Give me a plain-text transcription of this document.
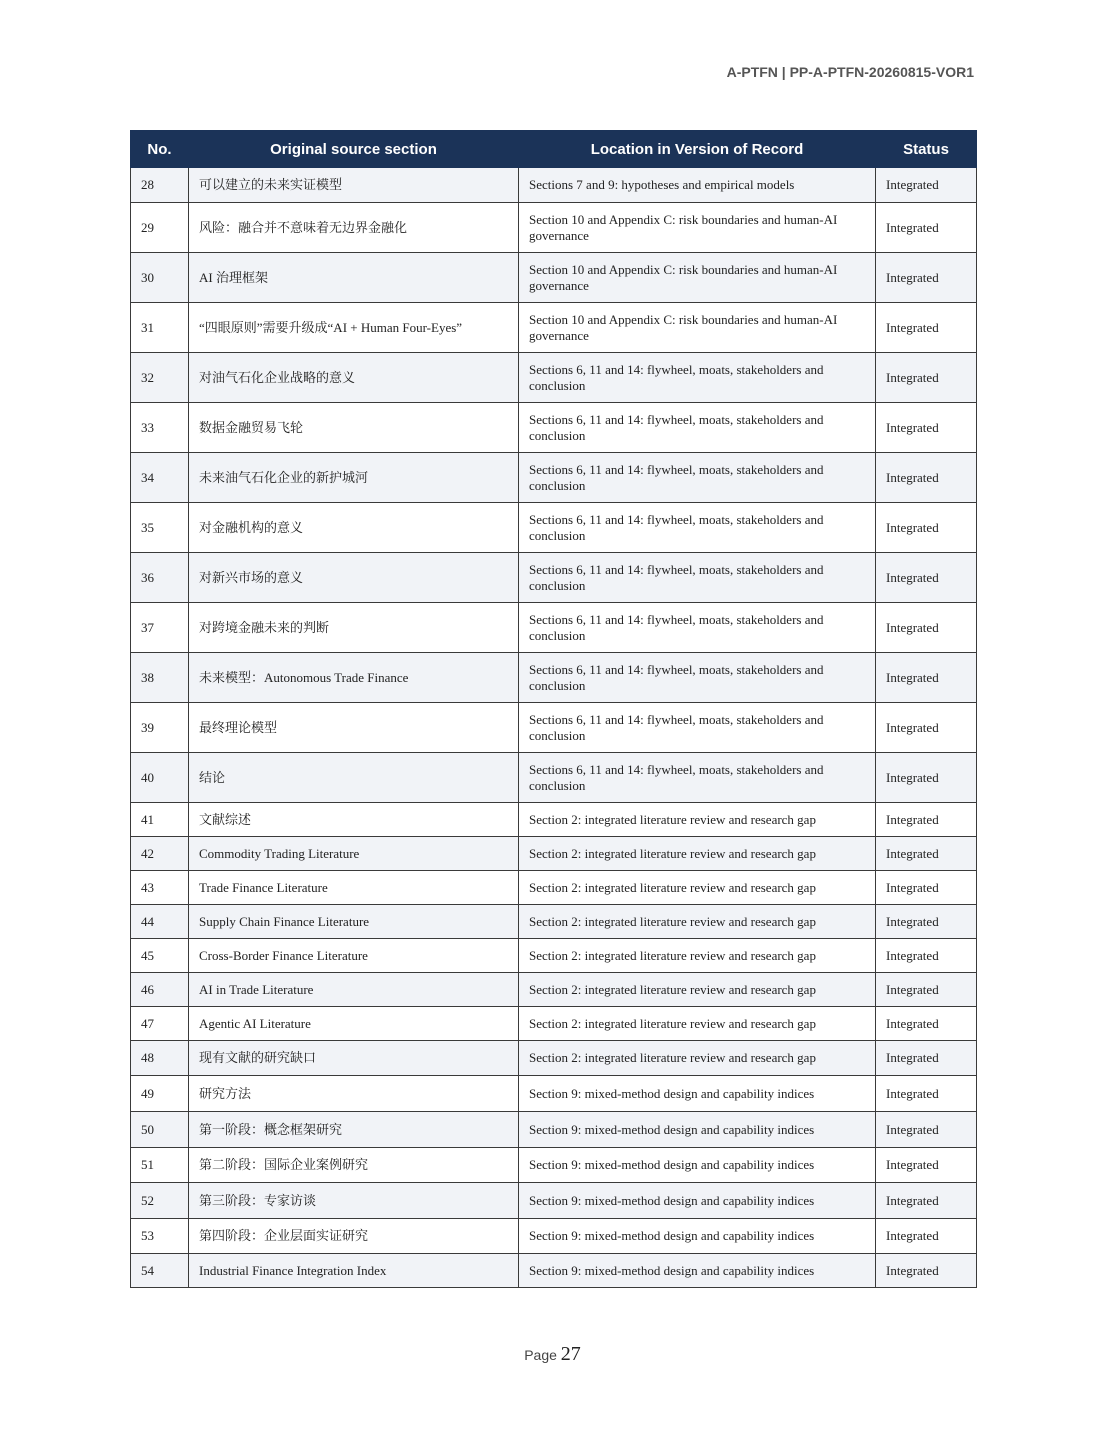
A-PTFN | PP-A-PTFN-20260815-VOR1
No.	Original source section	Location in Version of Record	Status
28	可以建立的未来实证模型	Sections 7 and 9: hypotheses and empirical models	Integrated
29	风险：融合并不意味着无边界金融化	Section 10 and Appendix C: risk boundaries and human-AI governance	Integrated
30	AI 治理框架	Section 10 and Appendix C: risk boundaries and human-AI governance	Integrated
31	“四眼原则”需要升级成“AI + Human Four-Eyes”	Section 10 and Appendix C: risk boundaries and human-AI governance	Integrated
32	对油气石化企业战略的意义	Sections 6, 11 and 14: flywheel, moats, stakeholders and conclusion	Integrated
33	数据金融贸易飞轮	Sections 6, 11 and 14: flywheel, moats, stakeholders and conclusion	Integrated
34	未来油气石化企业的新护城河	Sections 6, 11 and 14: flywheel, moats, stakeholders and conclusion	Integrated
35	对金融机构的意义	Sections 6, 11 and 14: flywheel, moats, stakeholders and conclusion	Integrated
36	对新兴市场的意义	Sections 6, 11 and 14: flywheel, moats, stakeholders and conclusion	Integrated
37	对跨境金融未来的判断	Sections 6, 11 and 14: flywheel, moats, stakeholders and conclusion	Integrated
38	未来模型：Autonomous Trade Finance	Sections 6, 11 and 14: flywheel, moats, stakeholders and conclusion	Integrated
39	最终理论模型	Sections 6, 11 and 14: flywheel, moats, stakeholders and conclusion	Integrated
40	结论	Sections 6, 11 and 14: flywheel, moats, stakeholders and conclusion	Integrated
41	文献综述	Section 2: integrated literature review and research gap	Integrated
42	Commodity Trading Literature	Section 2: integrated literature review and research gap	Integrated
43	Trade Finance Literature	Section 2: integrated literature review and research gap	Integrated
44	Supply Chain Finance Literature	Section 2: integrated literature review and research gap	Integrated
45	Cross-Border Finance Literature	Section 2: integrated literature review and research gap	Integrated
46	AI in Trade Literature	Section 2: integrated literature review and research gap	Integrated
47	Agentic AI Literature	Section 2: integrated literature review and research gap	Integrated
48	现有文献的研究缺口	Section 2: integrated literature review and research gap	Integrated
49	研究方法	Section 9: mixed-method design and capability indices	Integrated
50	第一阶段：概念框架研究	Section 9: mixed-method design and capability indices	Integrated
51	第二阶段：国际企业案例研究	Section 9: mixed-method design and capability indices	Integrated
52	第三阶段：专家访谈	Section 9: mixed-method design and capability indices	Integrated
53	第四阶段：企业层面实证研究	Section 9: mixed-method design and capability indices	Integrated
54	Industrial Finance Integration Index	Section 9: mixed-method design and capability indices	Integrated
Page 27
